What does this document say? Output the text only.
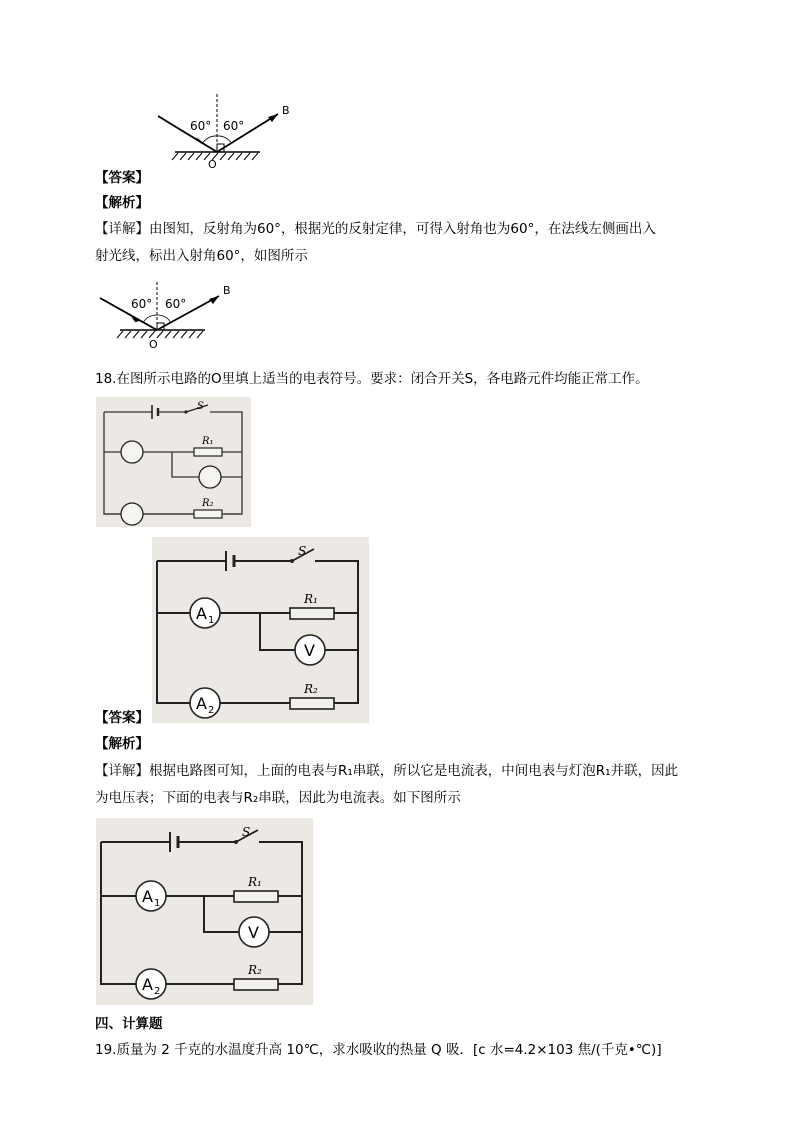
60° 60°
B
O
【答案】
【解析】
【详解】由图知，反射角为60°，根据光的反射定律，可得入射角也为60°，在法线左侧画出入
射光线，标出入射角60°，如图所示
60° 60°
B
O
18.在图所示电路的O里填上适当的电表符号。要求：闭合开关S，各电路元件均能正常工作。
S
R₁
R₂
A 1
V
A 2
S
R₁
R₂
【答案】
【解析】
【详解】根据电路图可知，上面的电表与R₁串联，所以它是电流表，中间电表与灯泡R₁并联，因此
为电压表；下面的电表与R₂串联，因此为电流表。如下图所示
A 1
V
A 2
S
R₁
R₂
四、计算题
19.质量为 2 千克的水温度升高 10℃，求水吸收的热量 Q 吸．[c 水=4.2×103 焦/(千克•℃)]
